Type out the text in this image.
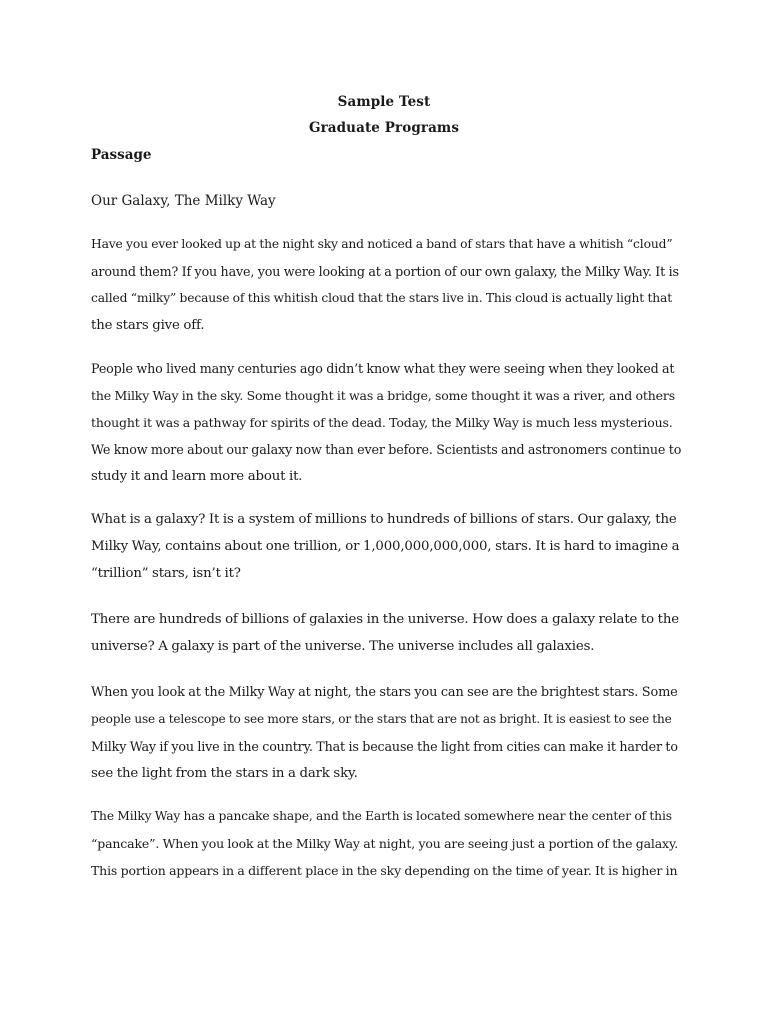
Sample Test
Graduate Programs
Passage
Our Galaxy, The Milky Way
Have you ever looked up at the night sky and noticed a band of stars that have a whitish “cloud”
around them? If you have, you were looking at a portion of our own galaxy, the Milky Way. It is
called “milky” because of this whitish cloud that the stars live in. This cloud is actually light that
the stars give off.
People who lived many centuries ago didn’t know what they were seeing when they looked at
the Milky Way in the sky. Some thought it was a bridge, some thought it was a river, and others
thought it was a pathway for spirits of the dead. Today, the Milky Way is much less mysterious.
We know more about our galaxy now than ever before. Scientists and astronomers continue to
study it and learn more about it.
What is a galaxy? It is a system of millions to hundreds of billions of stars. Our galaxy, the
Milky Way, contains about one trillion, or 1,000,000,000,000, stars. It is hard to imagine a
“trillion” stars, isn’t it?
There are hundreds of billions of galaxies in the universe. How does a galaxy relate to the
universe? A galaxy is part of the universe. The universe includes all galaxies.
When you look at the Milky Way at night, the stars you can see are the brightest stars. Some
people use a telescope to see more stars, or the stars that are not as bright. It is easiest to see the
Milky Way if you live in the country. That is because the light from cities can make it harder to
see the light from the stars in a dark sky.
The Milky Way has a pancake shape, and the Earth is located somewhere near the center of this
“pancake”. When you look at the Milky Way at night, you are seeing just a portion of the galaxy.
This portion appears in a different place in the sky depending on the time of year. It is higher in
